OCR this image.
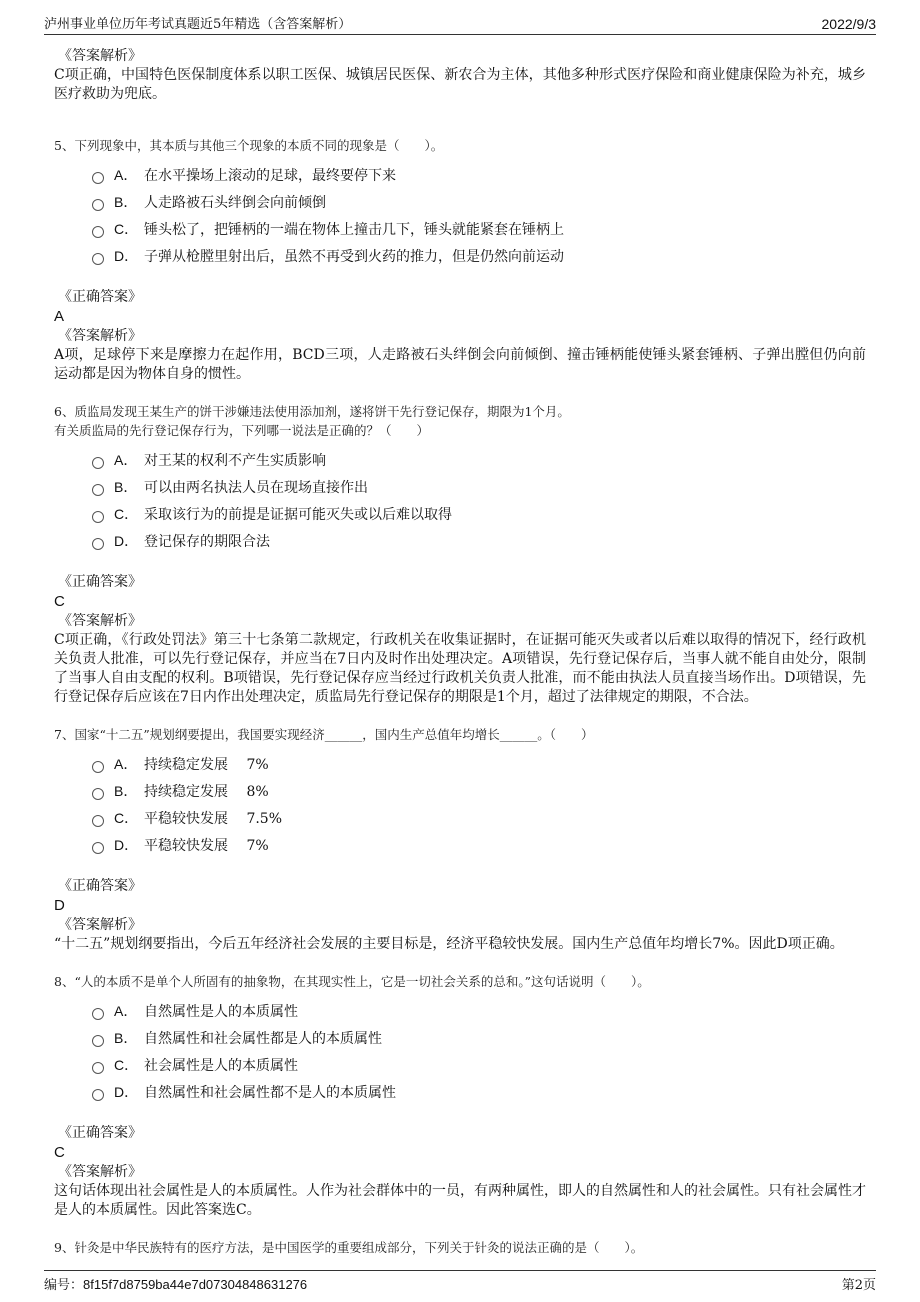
泸州事业单位历年考试真题近5年精选（含答案解析）	2022/9/3
《答案解析》
C项正确，中国特色医保制度体系以职工医保、城镇居民医保、新农合为主体，其他多种形式医疗保险和商业健康保险为补充，城乡医疗救助为兜底。
5、下列现象中，其本质与其他三个现象的本质不同的现象是（　　）。
A． 在水平操场上滚动的足球，最终要停下来
B． 人走路被石头绊倒会向前倾倒
C． 锤头松了，把锤柄的一端在物体上撞击几下，锤头就能紧套在锤柄上
D． 子弹从枪膛里射出后，虽然不再受到火药的推力，但是仍然向前运动
《正确答案》
A
《答案解析》
A项，足球停下来是摩擦力在起作用，BCD三项，人走路被石头绊倒会向前倾倒、撞击锤柄能使锤头紧套锤柄、子弹出膛但仍向前运动都是因为物体自身的惯性。
6、质监局发现王某生产的饼干涉嫌违法使用添加剂，遂将饼干先行登记保存，期限为1个月。
有关质监局的先行登记保存行为，下列哪一说法是正确的？（　　）
A． 对王某的权利不产生实质影响
B． 可以由两名执法人员在现场直接作出
C． 采取该行为的前提是证据可能灭失或以后难以取得
D． 登记保存的期限合法
《正确答案》
C
《答案解析》
C项正确，《行政处罚法》第三十七条第二款规定，行政机关在收集证据时，在证据可能灭失或者以后难以取得的情况下，经行政机关负责人批准，可以先行登记保存，并应当在7日内及时作出处理决定。A项错误，先行登记保存后，当事人就不能自由处分，限制了当事人自由支配的权利。B项错误，先行登记保存应当经过行政机关负责人批准，而不能由执法人员直接当场作出。D项错误，先行登记保存后应该在7日内作出处理决定，质监局先行登记保存的期限是1个月，超过了法律规定的期限，不合法。
7、国家“十二五”规划纲要提出，我国要实现经济______，国内生产总值年均增长______。（　　）
A． 持续稳定发展　 7%
B． 持续稳定发展　 8%
C． 平稳较快发展　 7.5%
D． 平稳较快发展　 7%
《正确答案》
D
《答案解析》
“十二五”规划纲要指出，今后五年经济社会发展的主要目标是，经济平稳较快发展。国内生产总值年均增长7%。因此D项正确。
8、“人的本质不是单个人所固有的抽象物，在其现实性上，它是一切社会关系的总和。”这句话说明（　　）。
A． 自然属性是人的本质属性
B． 自然属性和社会属性都是人的本质属性
C． 社会属性是人的本质属性
D． 自然属性和社会属性都不是人的本质属性
《正确答案》
C
《答案解析》
这句话体现出社会属性是人的本质属性。人作为社会群体中的一员，有两种属性，即人的自然属性和人的社会属性。只有社会属性才是人的本质属性。因此答案选C。
9、针灸是中华民族特有的医疗方法，是中国医学的重要组成部分，下列关于针灸的说法正确的是（　　）。
编号：8f15f7d8759ba44e7d07304848631276	第2页
